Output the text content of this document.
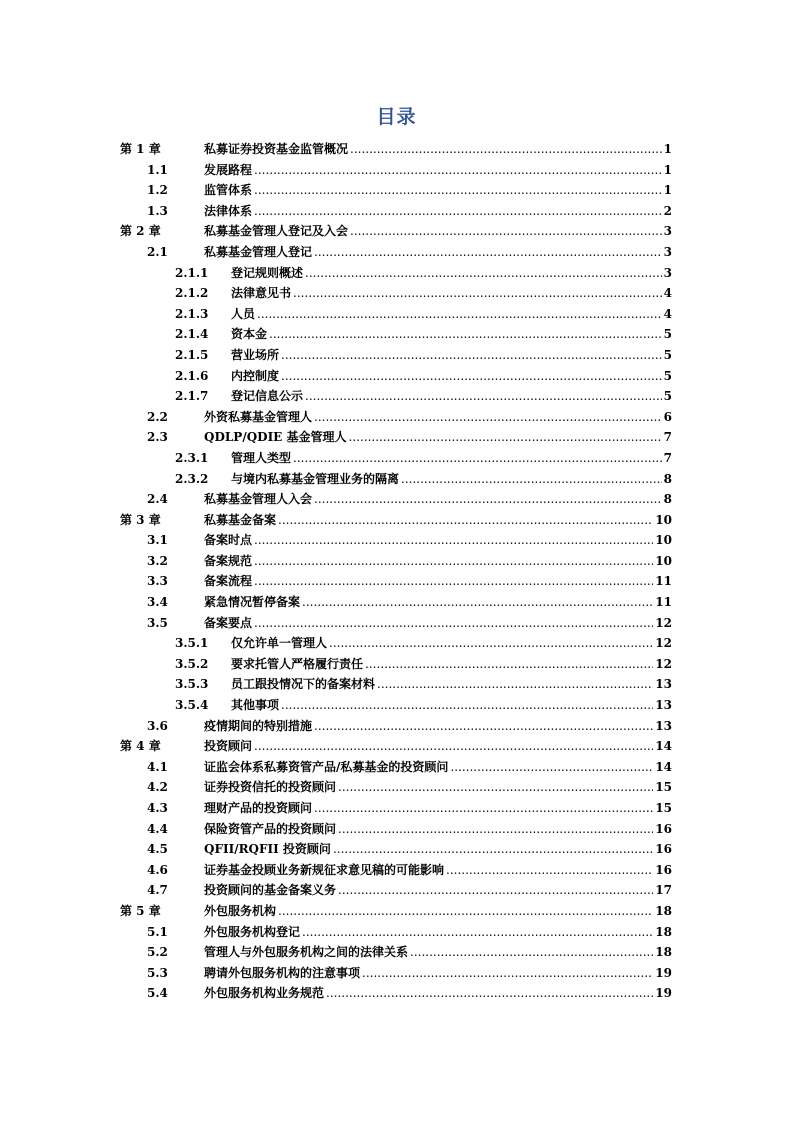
目录
第 1 章	私募证券投资基金监管概况 .....	1
1.1	发展路程 .....	1
1.2	监管体系 .....	1
1.3	法律体系 .....	2
第 2 章	私募基金管理人登记及入会 .....	3
2.1	私募基金管理人登记 .....	3
2.1.1 登记规则概述 .....	3
2.1.2 法律意见书 .....	4
2.1.3 人员 .....	4
2.1.4 资本金 .....	5
2.1.5 营业场所 .....	5
2.1.6 内控制度 .....	5
2.1.7 登记信息公示 .....	5
2.2	外资私募基金管理人 .....	6
2.3	QDLP/QDIE 基金管理人 .....	7
2.3.1 管理人类型 .....	7
2.3.2 与境内私募基金管理业务的隔离 .....	8
2.4	私募基金管理人入会 .....	8
第 3 章	私募基金备案 .....	10
3.1	备案时点 .....	10
3.2	备案规范 .....	10
3.3	备案流程 .....	11
3.4	紧急情况暂停备案 .....	11
3.5	备案要点 .....	12
3.5.1 仅允许单一管理人 .....	12
3.5.2 要求托管人严格履行责任 .....	12
3.5.3 员工跟投情况下的备案材料 .....	13
3.5.4 其他事项 .....	13
3.6	疫情期间的特别措施 .....	13
第 4 章	投资顾问 .....	14
4.1	证监会体系私募资管产品/私募基金的投资顾问 .....	14
4.2	证券投资信托的投资顾问 .....	15
4.3	理财产品的投资顾问 .....	15
4.4	保险资管产品的投资顾问 .....	16
4.5	QFII/RQFII 投资顾问 .....	16
4.6	证券基金投顾业务新规征求意见稿的可能影响 .....	16
4.7	投资顾问的基金备案义务 .....	17
第 5 章	外包服务机构 .....	18
5.1	外包服务机构登记 .....	18
5.2	管理人与外包服务机构之间的法律关系 .....	18
5.3	聘请外包服务机构的注意事项 .....	19
5.4	外包服务机构业务规范 .....	19
